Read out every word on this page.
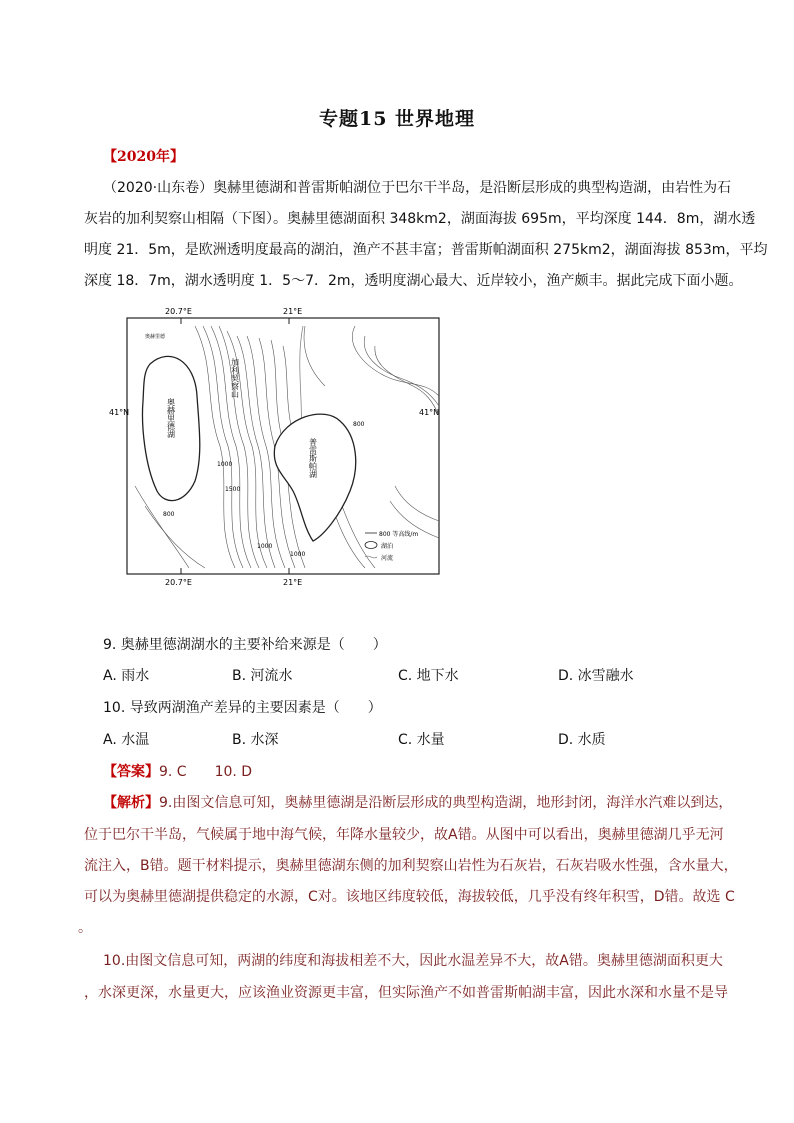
专题15 世界地理
【2020年】
（2020·山东卷）奥赫里德湖和普雷斯帕湖位于巴尔干半岛，是沿断层形成的典型构造湖，由岩性为石
灰岩的加利契察山相隔（下图）。奥赫里德湖面积 348km2，湖面海拔 695m，平均深度 144．8m，湖水透
明度 21．5m，是欧洲透明度最高的湖泊，渔产不甚丰富；普雷斯帕湖面积 275km2，湖面海拔 853m，平均
深度 18．7m，湖水透明度 1．5～7．2m，透明度湖心最大、近岸较小，渔产颇丰。据此完成下面小题。
20.7°E	21°E
20.7°E	21°E
41°N	41°N
奥赫里德湖
普雷斯帕湖
加利契察山
800
1000
1500
1000
800
1000
奥赫里德
800 等高线/m
湖泊
河流
9. 奥赫里德湖湖水的主要补给来源是（　　）
A. 雨水	B. 河流水	C. 地下水	D. 冰雪融水
10. 导致两湖渔产差异的主要因素是（　　）
A. 水温	B. 水深	C. 水量	D. 水质
【答案】9. C　　10. D
【解析】9.由图文信息可知，奥赫里德湖是沿断层形成的典型构造湖，地形封闭，海洋水汽难以到达，
位于巴尔干半岛，气候属于地中海气候，年降水量较少，故A错。从图中可以看出，奥赫里德湖几乎无河
流注入，B错。题干材料提示，奥赫里德湖东侧的加利契察山岩性为石灰岩，石灰岩吸水性强，含水量大，
可以为奥赫里德湖提供稳定的水源，C对。该地区纬度较低，海拔较低，几乎没有终年积雪，D错。故选 C
。
10.由图文信息可知，两湖的纬度和海拔相差不大，因此水温差异不大，故A错。奥赫里德湖面积更大
，水深更深，水量更大，应该渔业资源更丰富，但实际渔产不如普雷斯帕湖丰富，因此水深和水量不是导
